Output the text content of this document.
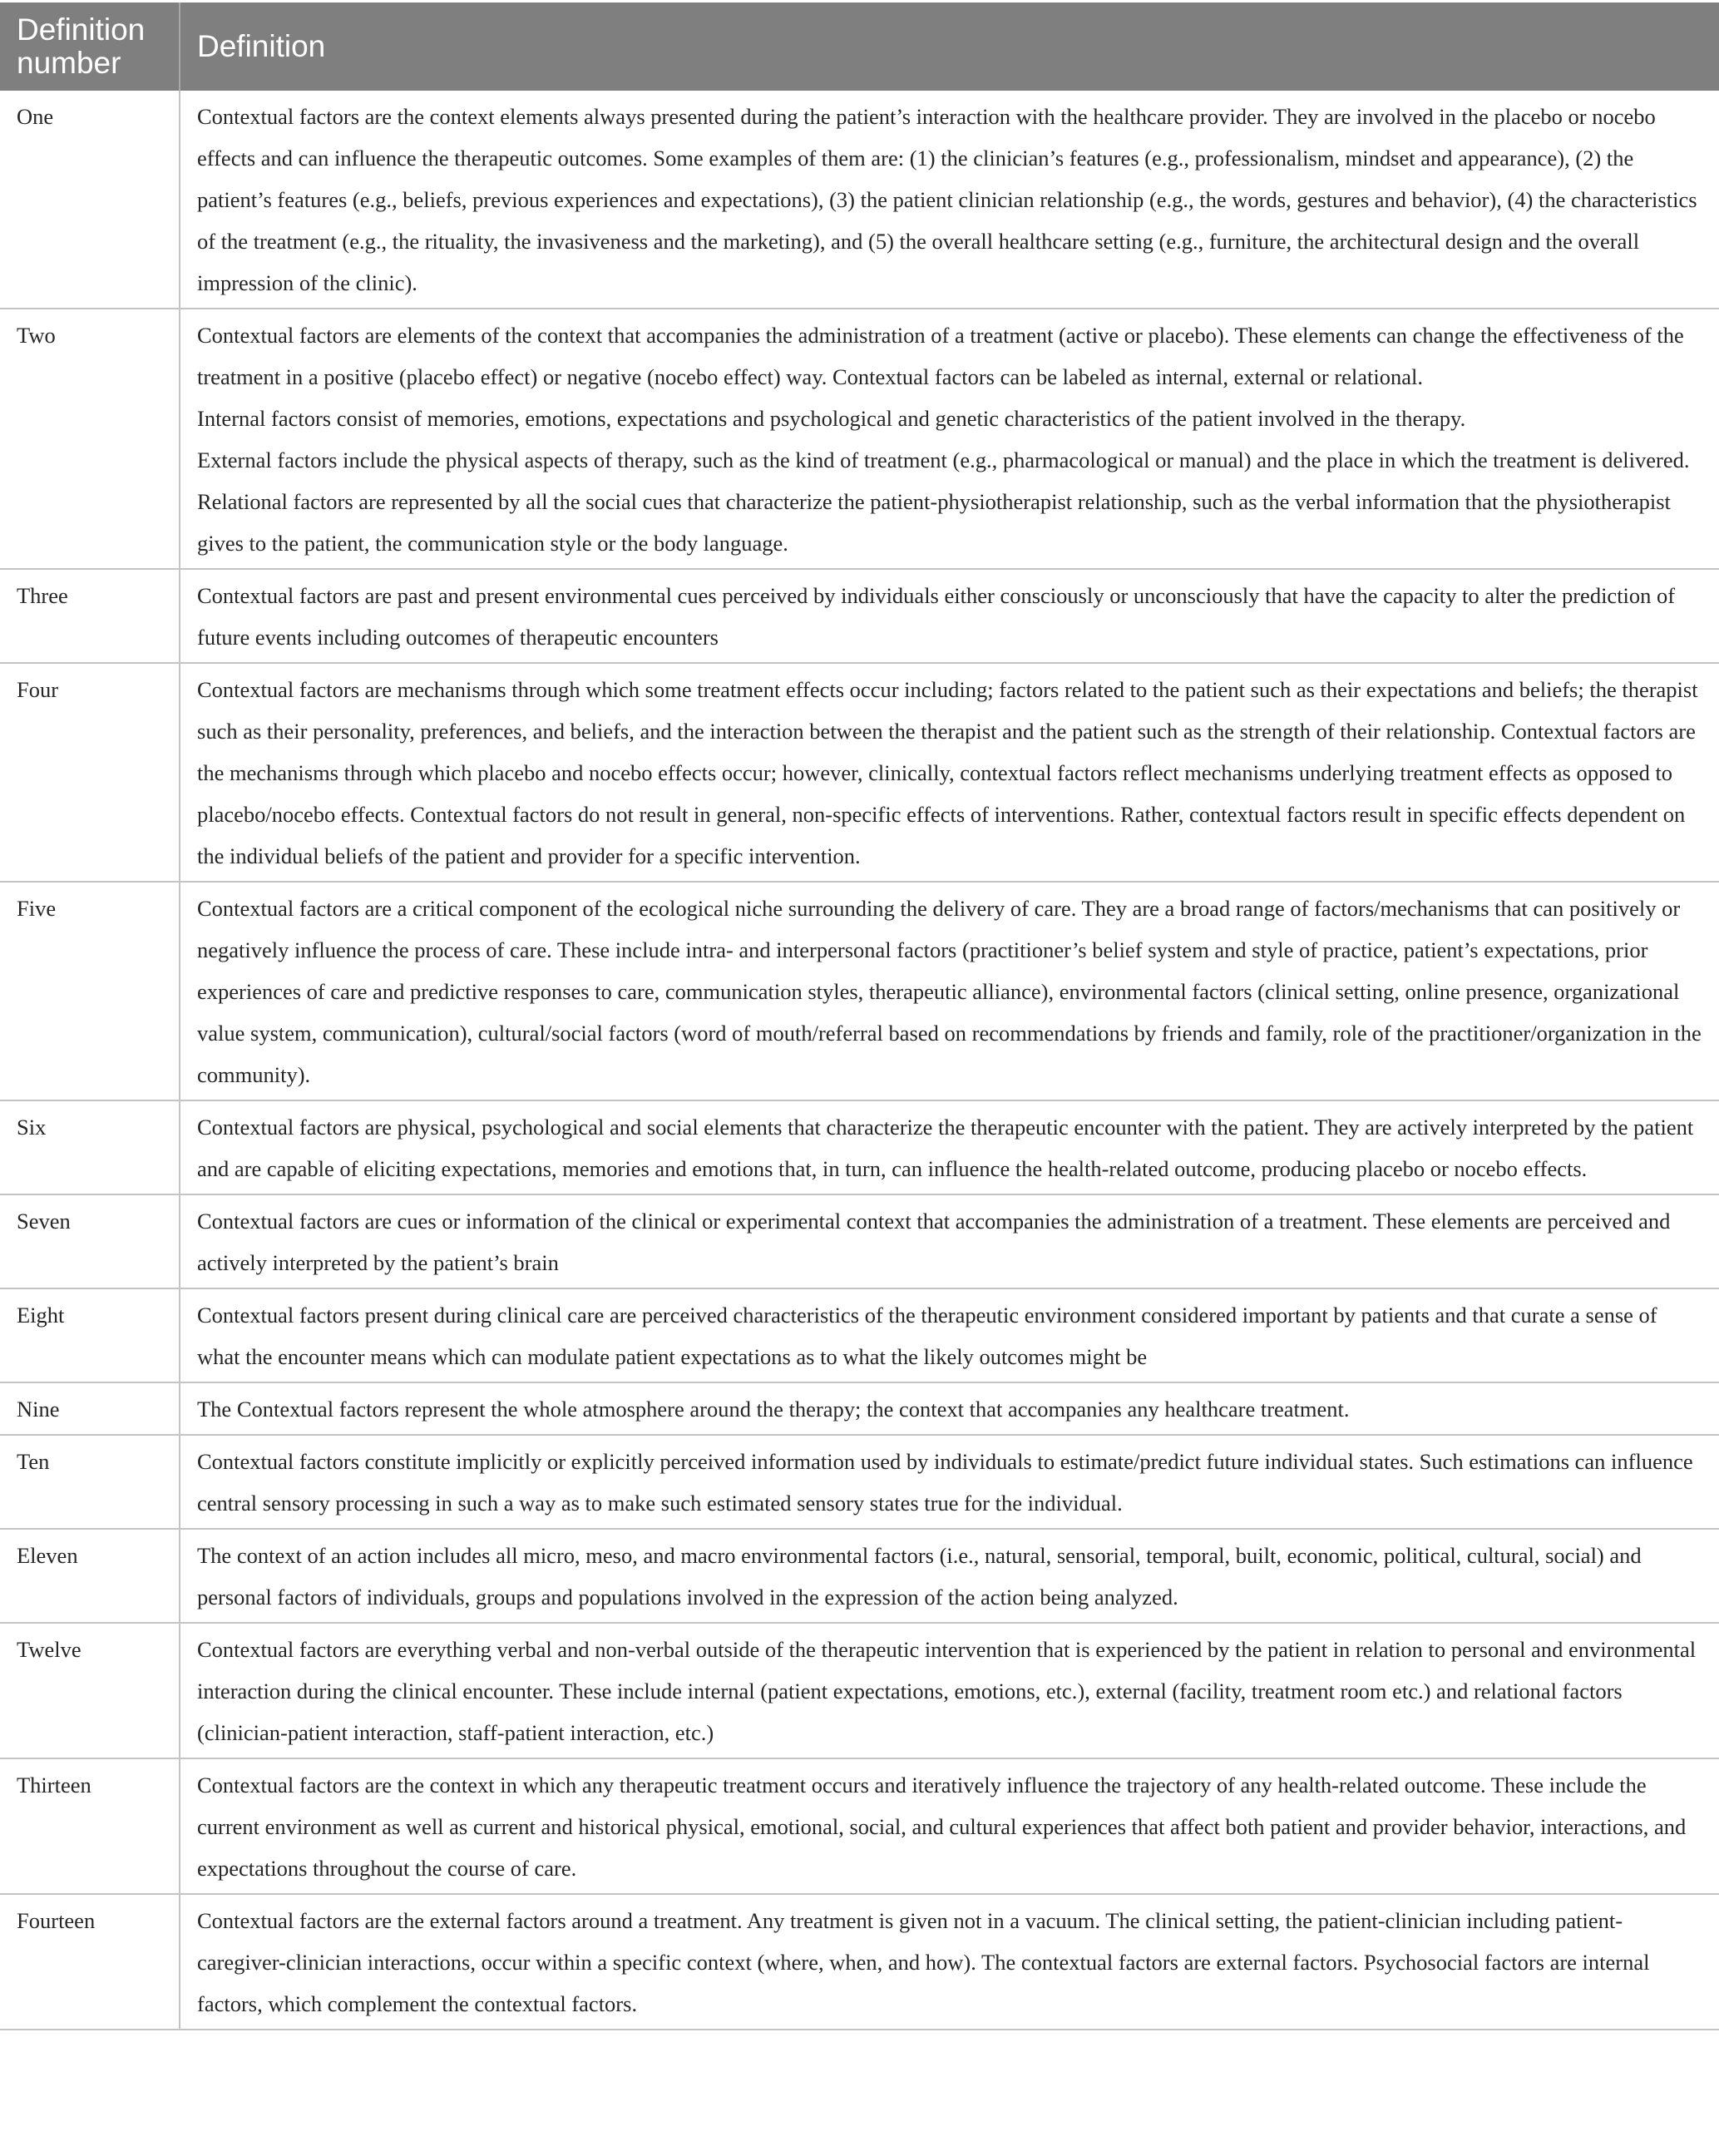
Definition
number	Definition
One	Contextual factors are the context elements always presented during the patient’s interaction with the healthcare provider. They are involved in the placebo or nocebo effects and can influence the therapeutic outcomes. Some examples of them are: (1) the clinician’s features (e.g., professionalism, mindset and appearance), (2) the patient’s features (e.g., beliefs, previous experiences and expectations), (3) the patient clinician relationship (e.g., the words, gestures and behavior), (4) the characteristics of the treatment (e.g., the rituality, the invasiveness and the marketing), and (5) the overall healthcare setting (e.g., furniture, the architectural design and the overall impression of the clinic).

Two	Contextual factors are elements of the context that accompanies the administration of a treatment (active or placebo). These elements can change the effectiveness of the treatment in a positive (placebo effect) or negative (nocebo effect) way. Contextual factors can be labeled as internal, external or relational.
Internal factors consist of memories, emotions, expectations and psychological and genetic characteristics of the patient involved in the therapy.
External factors include the physical aspects of therapy, such as the kind of treatment (e.g., pharmacological or manual) and the place in which the treatment is delivered.
Relational factors are represented by all the social cues that characterize the patient-physiotherapist relationship, such as the verbal information that the physiotherapist gives to the patient, the communication style or the body language.

Three	Contextual factors are past and present environmental cues perceived by individuals either consciously or unconsciously that have the capacity to alter the prediction of future events including outcomes of therapeutic encounters

Four	Contextual factors are mechanisms through which some treatment effects occur including; factors related to the patient such as their expectations and beliefs; the therapist such as their personality, preferences, and beliefs, and the interaction between the therapist and the patient such as the strength of their relationship. Contextual factors are the mechanisms through which placebo and nocebo effects occur; however, clinically, contextual factors reflect mechanisms underlying treatment effects as opposed to placebo/nocebo effects. Contextual factors do not result in general, non-specific effects of interventions. Rather, contextual factors result in specific effects dependent on the individual beliefs of the patient and provider for a specific intervention.

Five	Contextual factors are a critical component of the ecological niche surrounding the delivery of care. They are a broad range of factors/mechanisms that can positively or negatively influence the process of care. These include intra- and interpersonal factors (practitioner’s belief system and style of practice, patient’s expectations, prior experiences of care and predictive responses to care, communication styles, therapeutic alliance), environmental factors (clinical setting, online presence, organizational value system, communication), cultural/social factors (word of mouth/referral based on recommendations by friends and family, role of the practitioner/organization in the community).

Six	Contextual factors are physical, psychological and social elements that characterize the therapeutic encounter with the patient. They are actively interpreted by the patient and are capable of eliciting expectations, memories and emotions that, in turn, can influence the health-related outcome, producing placebo or nocebo effects.

Seven	Contextual factors are cues or information of the clinical or experimental context that accompanies the administration of a treatment. These elements are perceived and actively interpreted by the patient’s brain

Eight	Contextual factors present during clinical care are perceived characteristics of the therapeutic environment considered important by patients and that curate a sense of what the encounter means which can modulate patient expectations as to what the likely outcomes might be

Nine	The Contextual factors represent the whole atmosphere around the therapy; the context that accompanies any healthcare treatment.

Ten	Contextual factors constitute implicitly or explicitly perceived information used by individuals to estimate/predict future individual states. Such estimations can influence central sensory processing in such a way as to make such estimated sensory states true for the individual.

Eleven	The context of an action includes all micro, meso, and macro environmental factors (i.e., natural, sensorial, temporal, built, economic, political, cultural, social) and personal factors of individuals, groups and populations involved in the expression of the action being analyzed.

Twelve	Contextual factors are everything verbal and non-verbal outside of the therapeutic intervention that is experienced by the patient in relation to personal and environmental interaction during the clinical encounter. These include internal (patient expectations, emotions, etc.), external (facility, treatment room etc.) and relational factors (clinician-patient interaction, staff-patient interaction, etc.)

Thirteen	Contextual factors are the context in which any therapeutic treatment occurs and iteratively influence the trajectory of any health-related outcome. These include the current environment as well as current and historical physical, emotional, social, and cultural experiences that affect both patient and provider behavior, interactions, and expectations throughout the course of care.

Fourteen	Contextual factors are the external factors around a treatment. Any treatment is given not in a vacuum. The clinical setting, the patient-clinician including patient-caregiver-clinician interactions, occur within a specific context (where, when, and how). The contextual factors are external factors. Psychosocial factors are internal factors, which complement the contextual factors.
